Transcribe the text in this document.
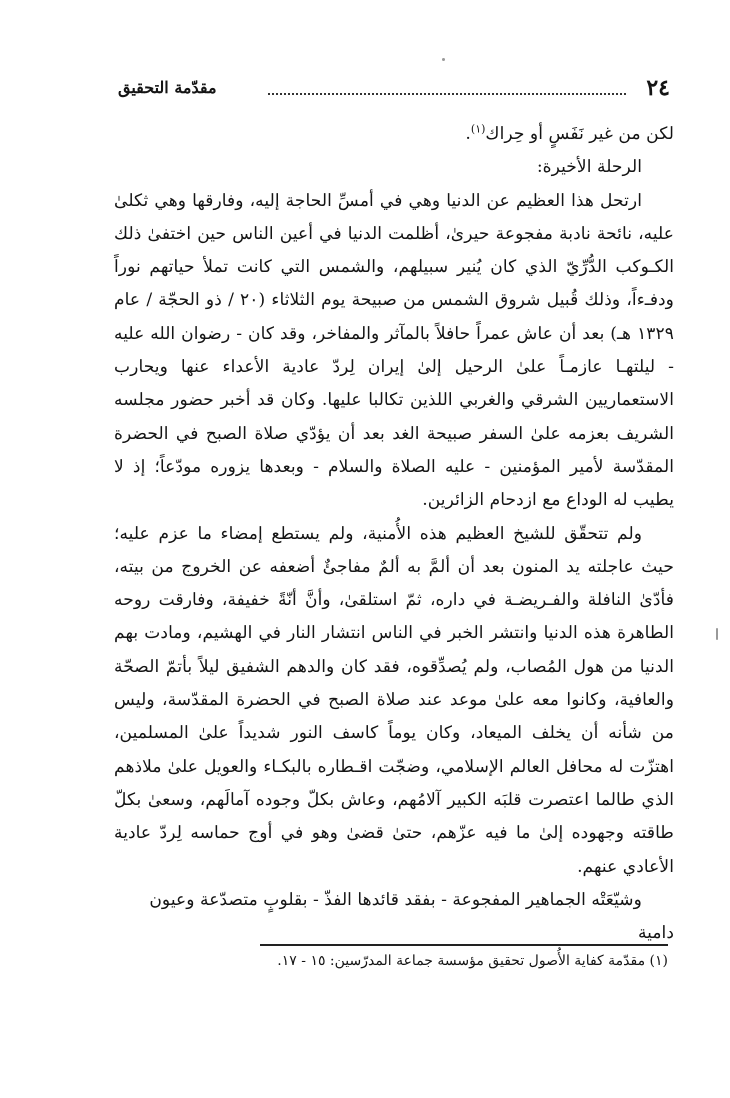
٢٤
مقدّمة التحقيق

لكن من غير نَفَسٍ أو حِراك$^{(١)}$.

الرحلة الأخيرة:

ارتحل هذا العظيم عن الدنيا وهي في أمسِّ الحاجة إليه، وفارقها وهي ثكلىٰ عليه، نائحة نادبة مفجوعة حيرىٰ، أظلمت الدنيا في أعين الناس حين اختفىٰ ذلك الكـوكب الدُّرِّيّ الذي كان يُنير سبيلهم، والشمس التي كانت تملأ حياتهم نوراً ودفـءاً، وذلك قُبيل شروق الشمس من صبيحة يوم الثلاثاء (٢٠ / ذو الحجّة / عام ١٣٢٩ هـ) بعد أن عاش عمراً حافلاً بالمآثر والمفاخر، وقد كان - رضوان الله عليه - ليلتهـا عازمـاً علىٰ الرحيل إلىٰ إيران لِردّ عادية الأعداء عنها ويحارب الاستعماريين الشرقي والغربي اللذين تكالبا عليها. وكان قد أخبر حضور مجلسه الشريف بعزمه علىٰ السفر صبيحة الغد بعد أن يؤدّي صلاة الصبح في الحضرة المقدّسة لأمير المؤمنين - عليه الصلاة والسلام - وبعدها يزوره مودّعاً؛ إذ لا يطيب له الوداع مع ازدحام الزائرين.

ولم تتحقّق للشيخ العظيم هذه الأُمنية، ولم يستطع إمضاء ما عزم عليه؛ حيث عاجلته يد المنون بعد أن ألمَّ به ألمٌ مفاجئٌ أضعفه عن الخروج من بيته، فأدّىٰ النافلة والفـريضـة في داره، ثمّ استلقىٰ، وأنَّ أنّةً خفيفة، وفارقت روحه الطاهرة هذه الدنيا وانتشر الخبر في الناس انتشار النار في الهشيم، ومادت بهم الدنيا من هول المُصاب، ولم يُصدِّقوه، فقد كان والدهم الشفيق ليلاً بأتمّ الصحّة والعافية، وكانوا معه علىٰ موعد عند صلاة الصبح في الحضرة المقدّسة، وليس من شأنه أن يخلف الميعاد، وكان يوماً كاسف النور شديداً علىٰ المسلمين، اهتزّت له محافل العالم الإسلامي، وضجّت اقـطاره بالبكـاء والعويل علىٰ ملاذهم الذي طالما اعتصرت قلبَه الكبير آلامُهم، وعاش بكلّ وجوده آمالَهم، وسعىٰ بكلّ طاقته وجهوده إلىٰ ما فيه عزّهم، حتىٰ قضىٰ وهو في أوج حماسه لِردّ عادية الأعادي عنهم.

وشيّعَتْه الجماهير المفجوعة - بفقد قائدها الفذّ - بقلوبٍ متصدّعة وعيون دامية

(١) مقدّمة كفاية الأُصول تحقيق مؤسسة جماعة المدرّسين: ١٥ - ١٧.
